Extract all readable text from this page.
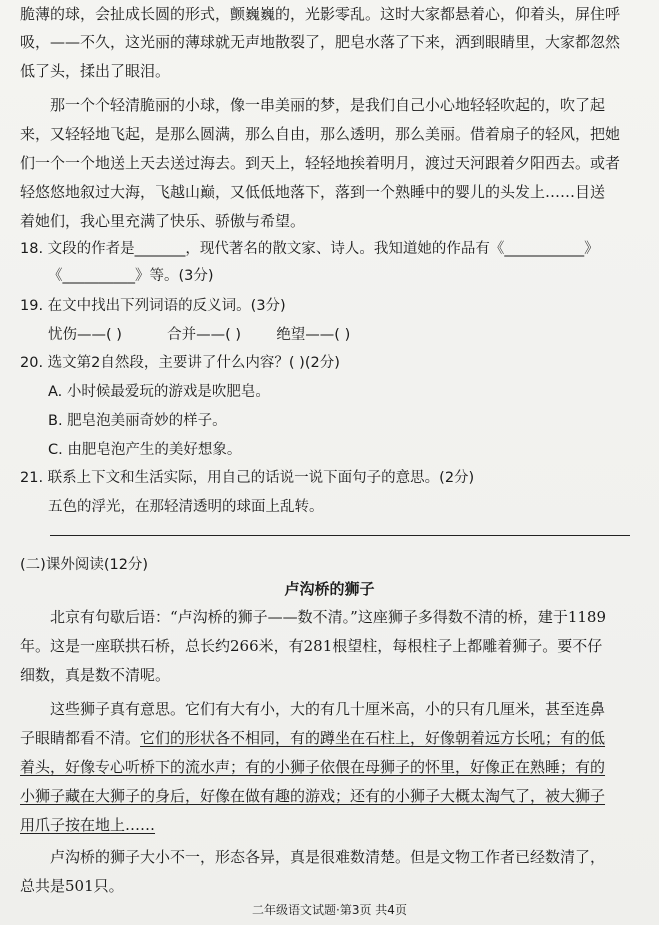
脆薄的球，会扯成长圆的形式，颤巍巍的，光影零乱。这时大家都悬着心，仰着头，屏住呼
吸，——不久，这光丽的薄球就无声地散裂了，肥皂水落了下来，洒到眼睛里，大家都忽然
低了头，揉出了眼泪。
那一个个轻清脆丽的小球，像一串美丽的梦，是我们自己小心地轻轻吹起的，吹了起
来，又轻轻地飞起，是那么圆满，那么自由，那么透明，那么美丽。借着扇子的轻风，把她
们一个一个地送上天去送过海去。到天上，轻轻地挨着明月，渡过天河跟着夕阳西去。或者
轻悠悠地叙过大海，飞越山巅，又低低地落下，落到一个熟睡中的婴儿的头发上……目送
着她们，我心里充满了快乐、骄傲与希望。
18. 文段的作者是_______，现代著名的散文家、诗人。我知道她的作品有《___________》
《__________》等。(3分)
19. 在文中找出下列词语的反义词。(3分)
忧伤——( )	合并——( ) 绝望——( )
20. 选文第2自然段，主要讲了什么内容？( )(2分)
A. 小时候最爱玩的游戏是吹肥皂。
B. 肥皂泡美丽奇妙的样子。
C. 由肥皂泡产生的美好想象。
21. 联系上下文和生活实际，用自己的话说一说下面句子的意思。(2分)
五色的浮光，在那轻清透明的球面上乱转。
(二)课外阅读(12分)
卢沟桥的狮子
北京有句歇后语：“卢沟桥的狮子——数不清。”这座狮子多得数不清的桥，建于1189
年。这是一座联拱石桥，总长约266米，有281根望柱，每根柱子上都雕着狮子。要不仔
细数，真是数不清呢。
这些狮子真有意思。它们有大有小，大的有几十厘米高，小的只有几厘米，甚至连鼻
子眼睛都看不清。它们的形状各不相同，有的蹲坐在石柱上，好像朝着远方长吼；有的低
着头，好像专心听桥下的流水声；有的小狮子依偎在母狮子的怀里，好像正在熟睡；有的
小狮子藏在大狮子的身后，好像在做有趣的游戏；还有的小狮子大概太淘气了，被大狮子
用爪子按在地上……
卢沟桥的狮子大小不一，形态各异，真是很难数清楚。但是文物工作者已经数清了，
总共是501只。
二年级语文试题·第3页 共4页
